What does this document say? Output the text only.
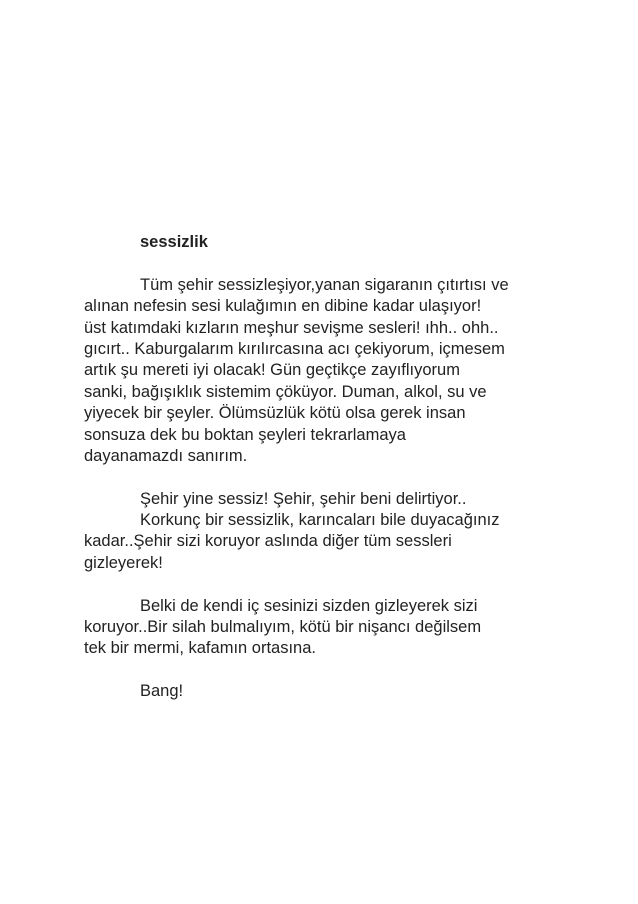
sessizlik
Tüm şehir sessizleşiyor,yanan sigaranın çıtırtısı ve
alınan nefesin sesi kulağımın en dibine kadar ulaşıyor!
üst katımdaki kızların meşhur sevişme sesleri! ıhh.. ohh..
gıcırt.. Kaburgalarım kırılırcasına acı çekiyorum, içmesem
artık şu mereti iyi olacak! Gün geçtikçe zayıflıyorum
sanki, bağışıklık sistemim çöküyor. Duman, alkol, su ve
yiyecek bir şeyler. Ölümsüzlük kötü olsa gerek insan
sonsuza dek bu boktan şeyleri tekrarlamaya
dayanamazdı sanırım.
Şehir yine sessiz! Şehir, şehir beni delirtiyor..
Korkunç bir sessizlik, karıncaları bile duyacağınız
kadar..Şehir sizi koruyor aslında diğer tüm sessleri
gizleyerek!
Belki de kendi iç sesinizi sizden gizleyerek sizi
koruyor..Bir silah bulmalıyım, kötü bir nişancı değilsem
tek bir mermi, kafamın ortasına.
Bang!
